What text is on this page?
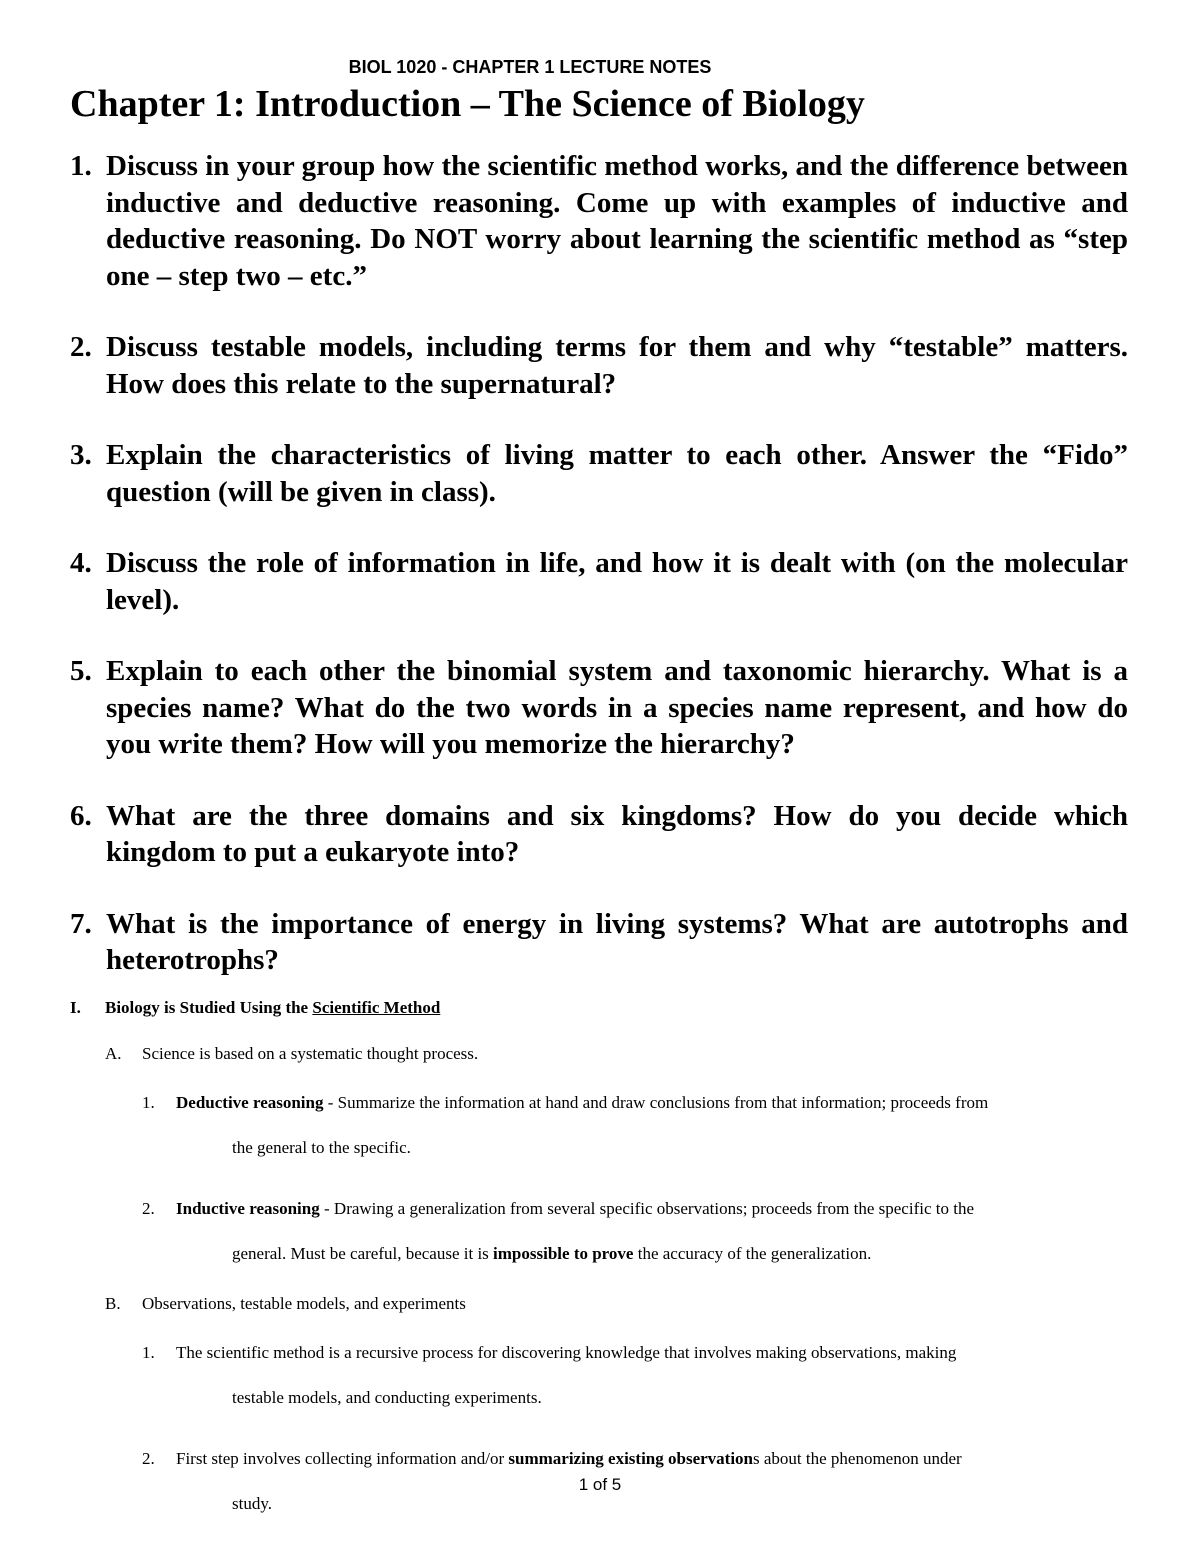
BIOL 1020 - CHAPTER 1 LECTURE NOTES
Chapter 1: Introduction – The Science of Biology
1. Discuss in your group how the scientific method works, and the difference between inductive and deductive reasoning. Come up with examples of inductive and deductive reasoning. Do NOT worry about learning the scientific method as “step one – step two – etc.”
2. Discuss testable models, including terms for them and why “testable” matters. How does this relate to the supernatural?
3. Explain the characteristics of living matter to each other. Answer the “Fido” question (will be given in class).
4. Discuss the role of information in life, and how it is dealt with (on the molecular level).
5. Explain to each other the binomial system and taxonomic hierarchy. What is a species name? What do the two words in a species name represent, and how do you write them? How will you memorize the hierarchy?
6. What are the three domains and six kingdoms? How do you decide which kingdom to put a eukaryote into?
7. What is the importance of energy in living systems? What are autotrophs and heterotrophs?
I. Biology is Studied Using the Scientific Method
A. Science is based on a systematic thought process.
1. Deductive reasoning - Summarize the information at hand and draw conclusions from that information; proceeds from
the general to the specific.
2. Inductive reasoning - Drawing a generalization from several specific observations; proceeds from the specific to the
general. Must be careful, because it is impossible to prove the accuracy of the generalization.
B. Observations, testable models, and experiments
1. The scientific method is a recursive process for discovering knowledge that involves making observations, making
testable models, and conducting experiments.
2. First step involves collecting information and/or summarizing existing observations about the phenomenon under
study.
1 of 5
